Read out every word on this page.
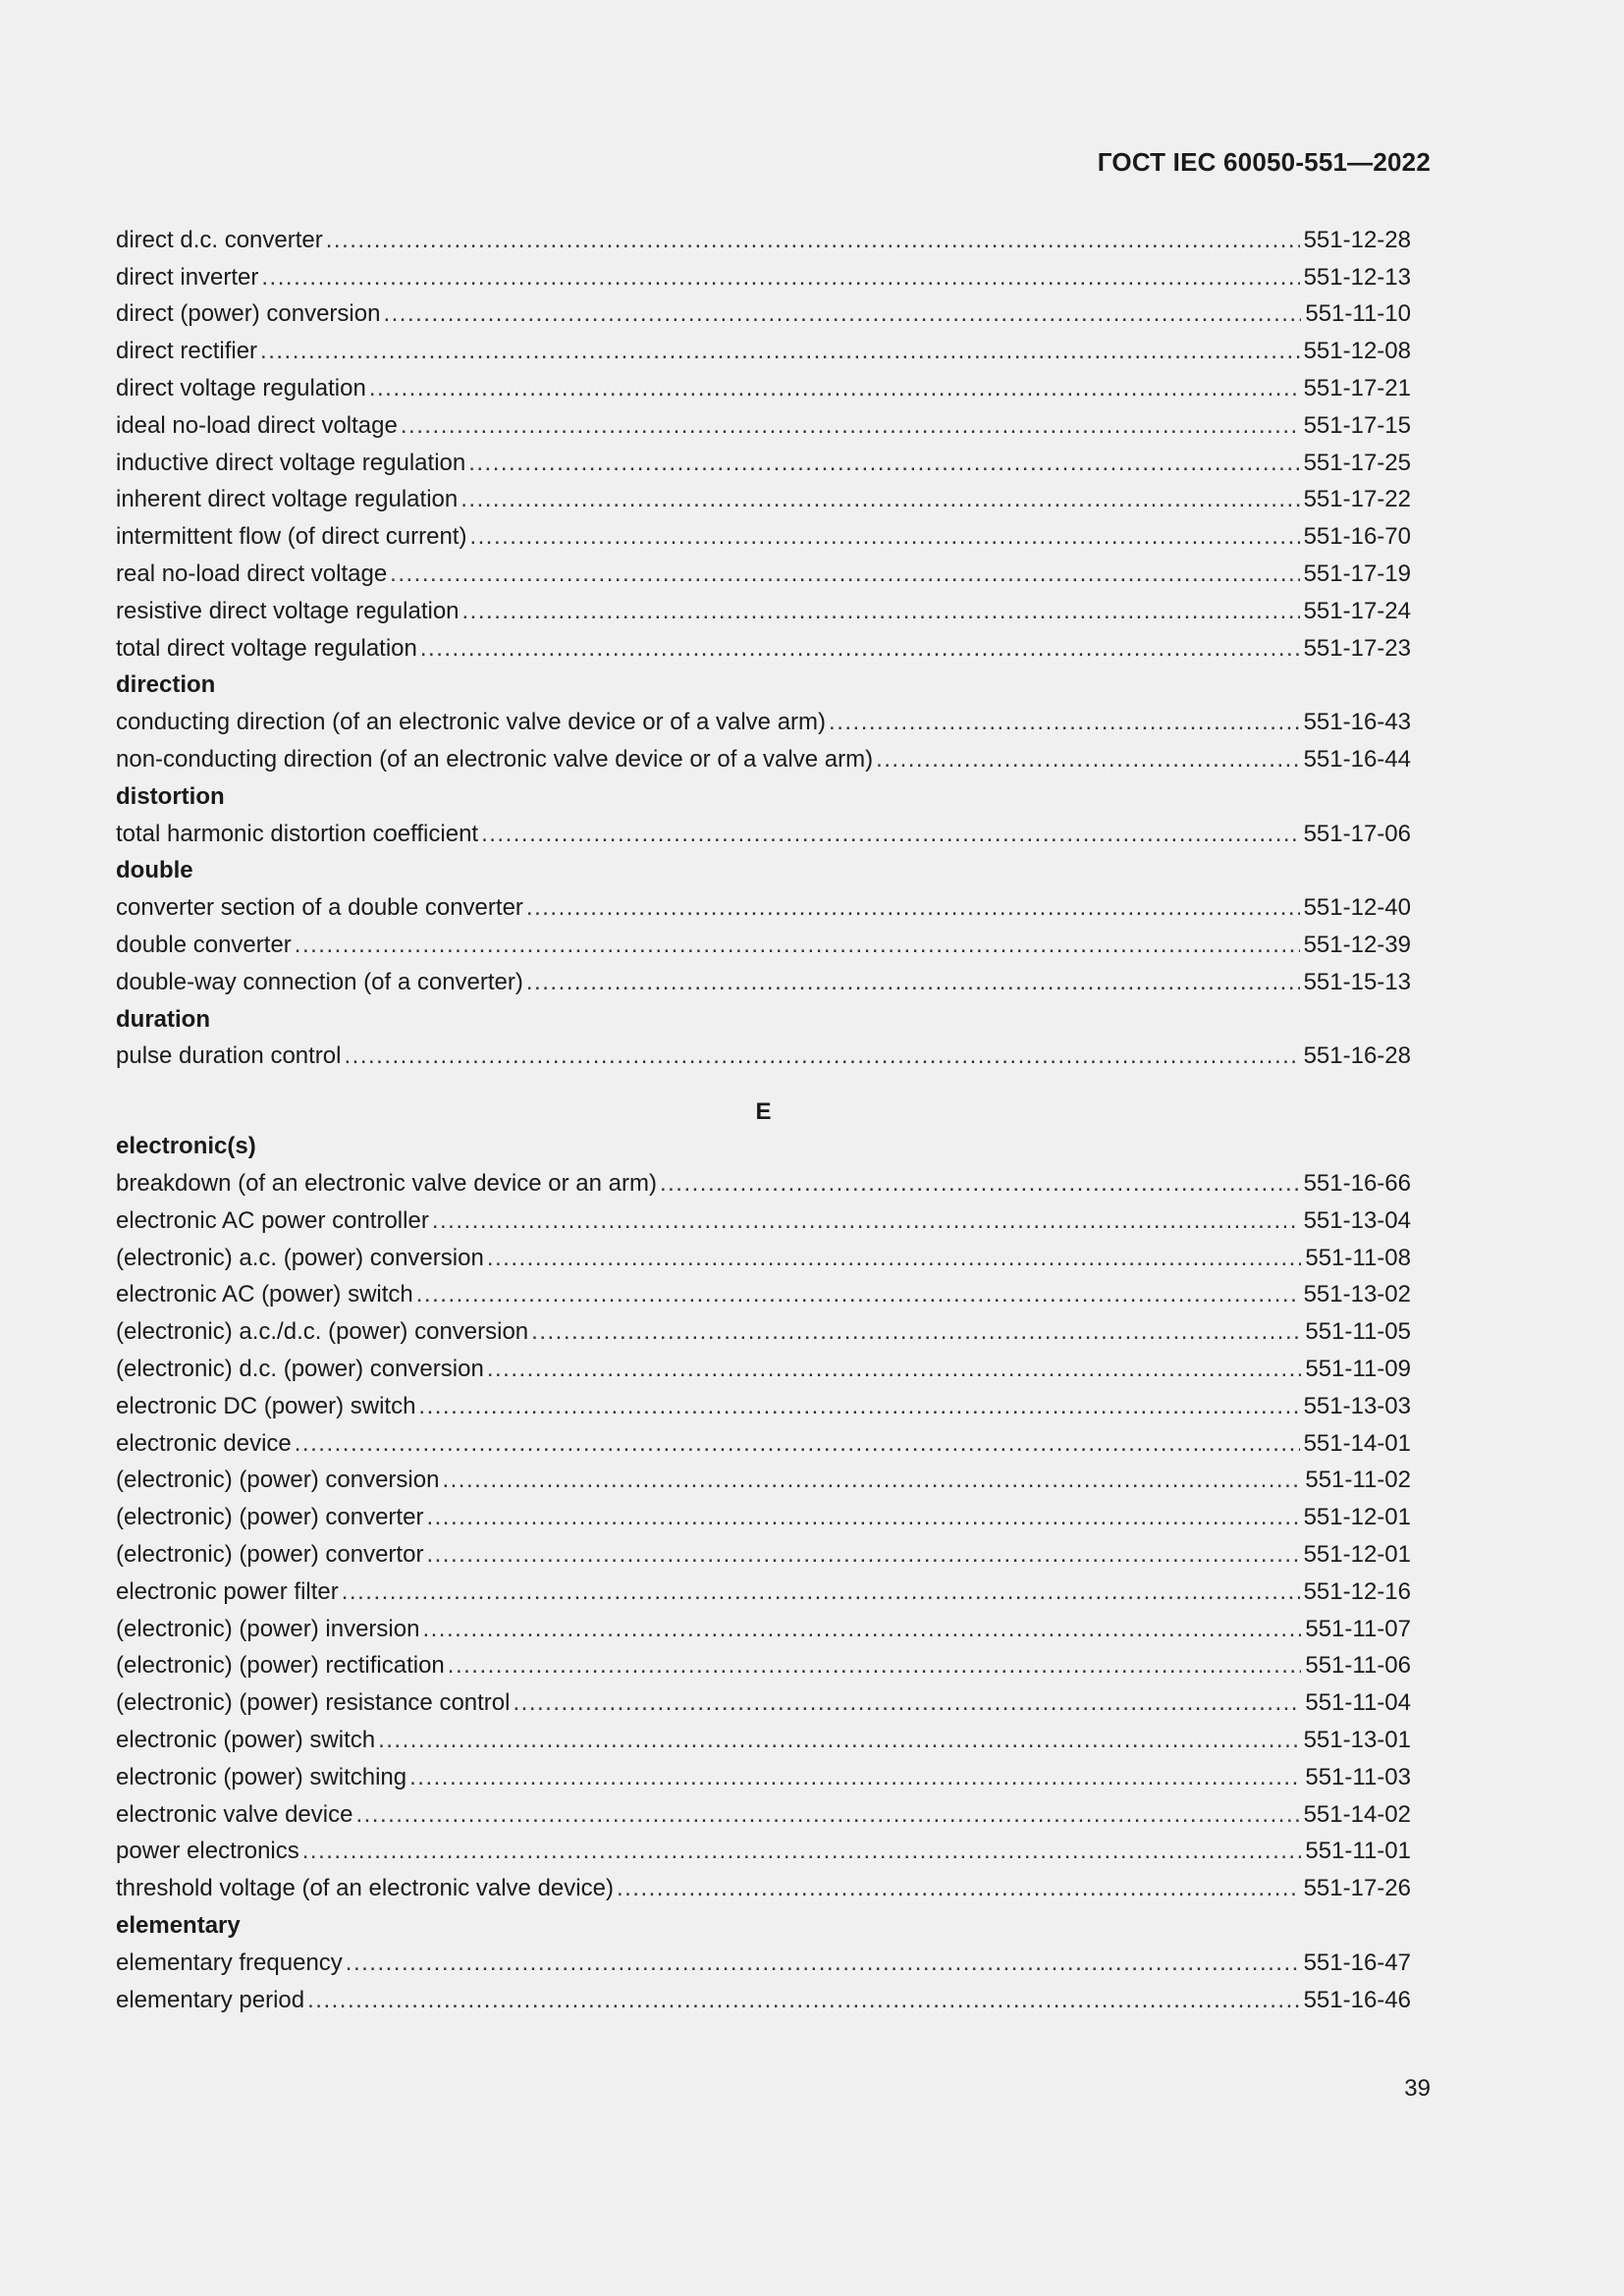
ГОСТ IEC 60050-551—2022
direct d.c. converter .....	551-12-28
direct inverter .....	551-12-13
direct (power) conversion .....	551-11-10
direct rectifier .....	551-12-08
direct voltage regulation .....	551-17-21
ideal no-load direct voltage .....	551-17-15
inductive direct voltage regulation .....	551-17-25
inherent direct voltage regulation .....	551-17-22
intermittent flow (of direct current) .....	551-16-70
real no-load direct voltage .....	551-17-19
resistive direct voltage regulation .....	551-17-24
total direct voltage regulation .....	551-17-23
direction
conducting direction (of an electronic valve device or of a valve arm) .....	551-16-43
non-conducting direction (of an electronic valve device or of a valve arm) .....	551-16-44
distortion
total harmonic distortion coefficient .....	551-17-06
double
converter section of a double converter .....	551-12-40
double converter .....	551-12-39
double-way connection (of a converter) .....	551-15-13
duration
pulse duration control .....	551-16-28
E
electronic(s)
breakdown (of an electronic valve device or an arm) .....	551-16-66
electronic AC power controller .....	551-13-04
(electronic) a.c. (power) conversion .....	551-11-08
electronic AC (power) switch .....	551-13-02
(electronic) a.c./d.c. (power) conversion .....	551-11-05
(electronic) d.c. (power) conversion .....	551-11-09
electronic DC (power) switch .....	551-13-03
electronic device .....	551-14-01
(electronic) (power) conversion .....	551-11-02
(electronic) (power) converter .....	551-12-01
(electronic) (power) convertor .....	551-12-01
electronic power filter .....	551-12-16
(electronic) (power) inversion .....	551-11-07
(electronic) (power) rectification .....	551-11-06
(electronic) (power) resistance control .....	551-11-04
electronic (power) switch .....	551-13-01
electronic (power) switching .....	551-11-03
electronic valve device .....	551-14-02
power electronics .....	551-11-01
threshold voltage (of an electronic valve device) .....	551-17-26
elementary
elementary frequency .....	551-16-47
elementary period .....	551-16-46
39
